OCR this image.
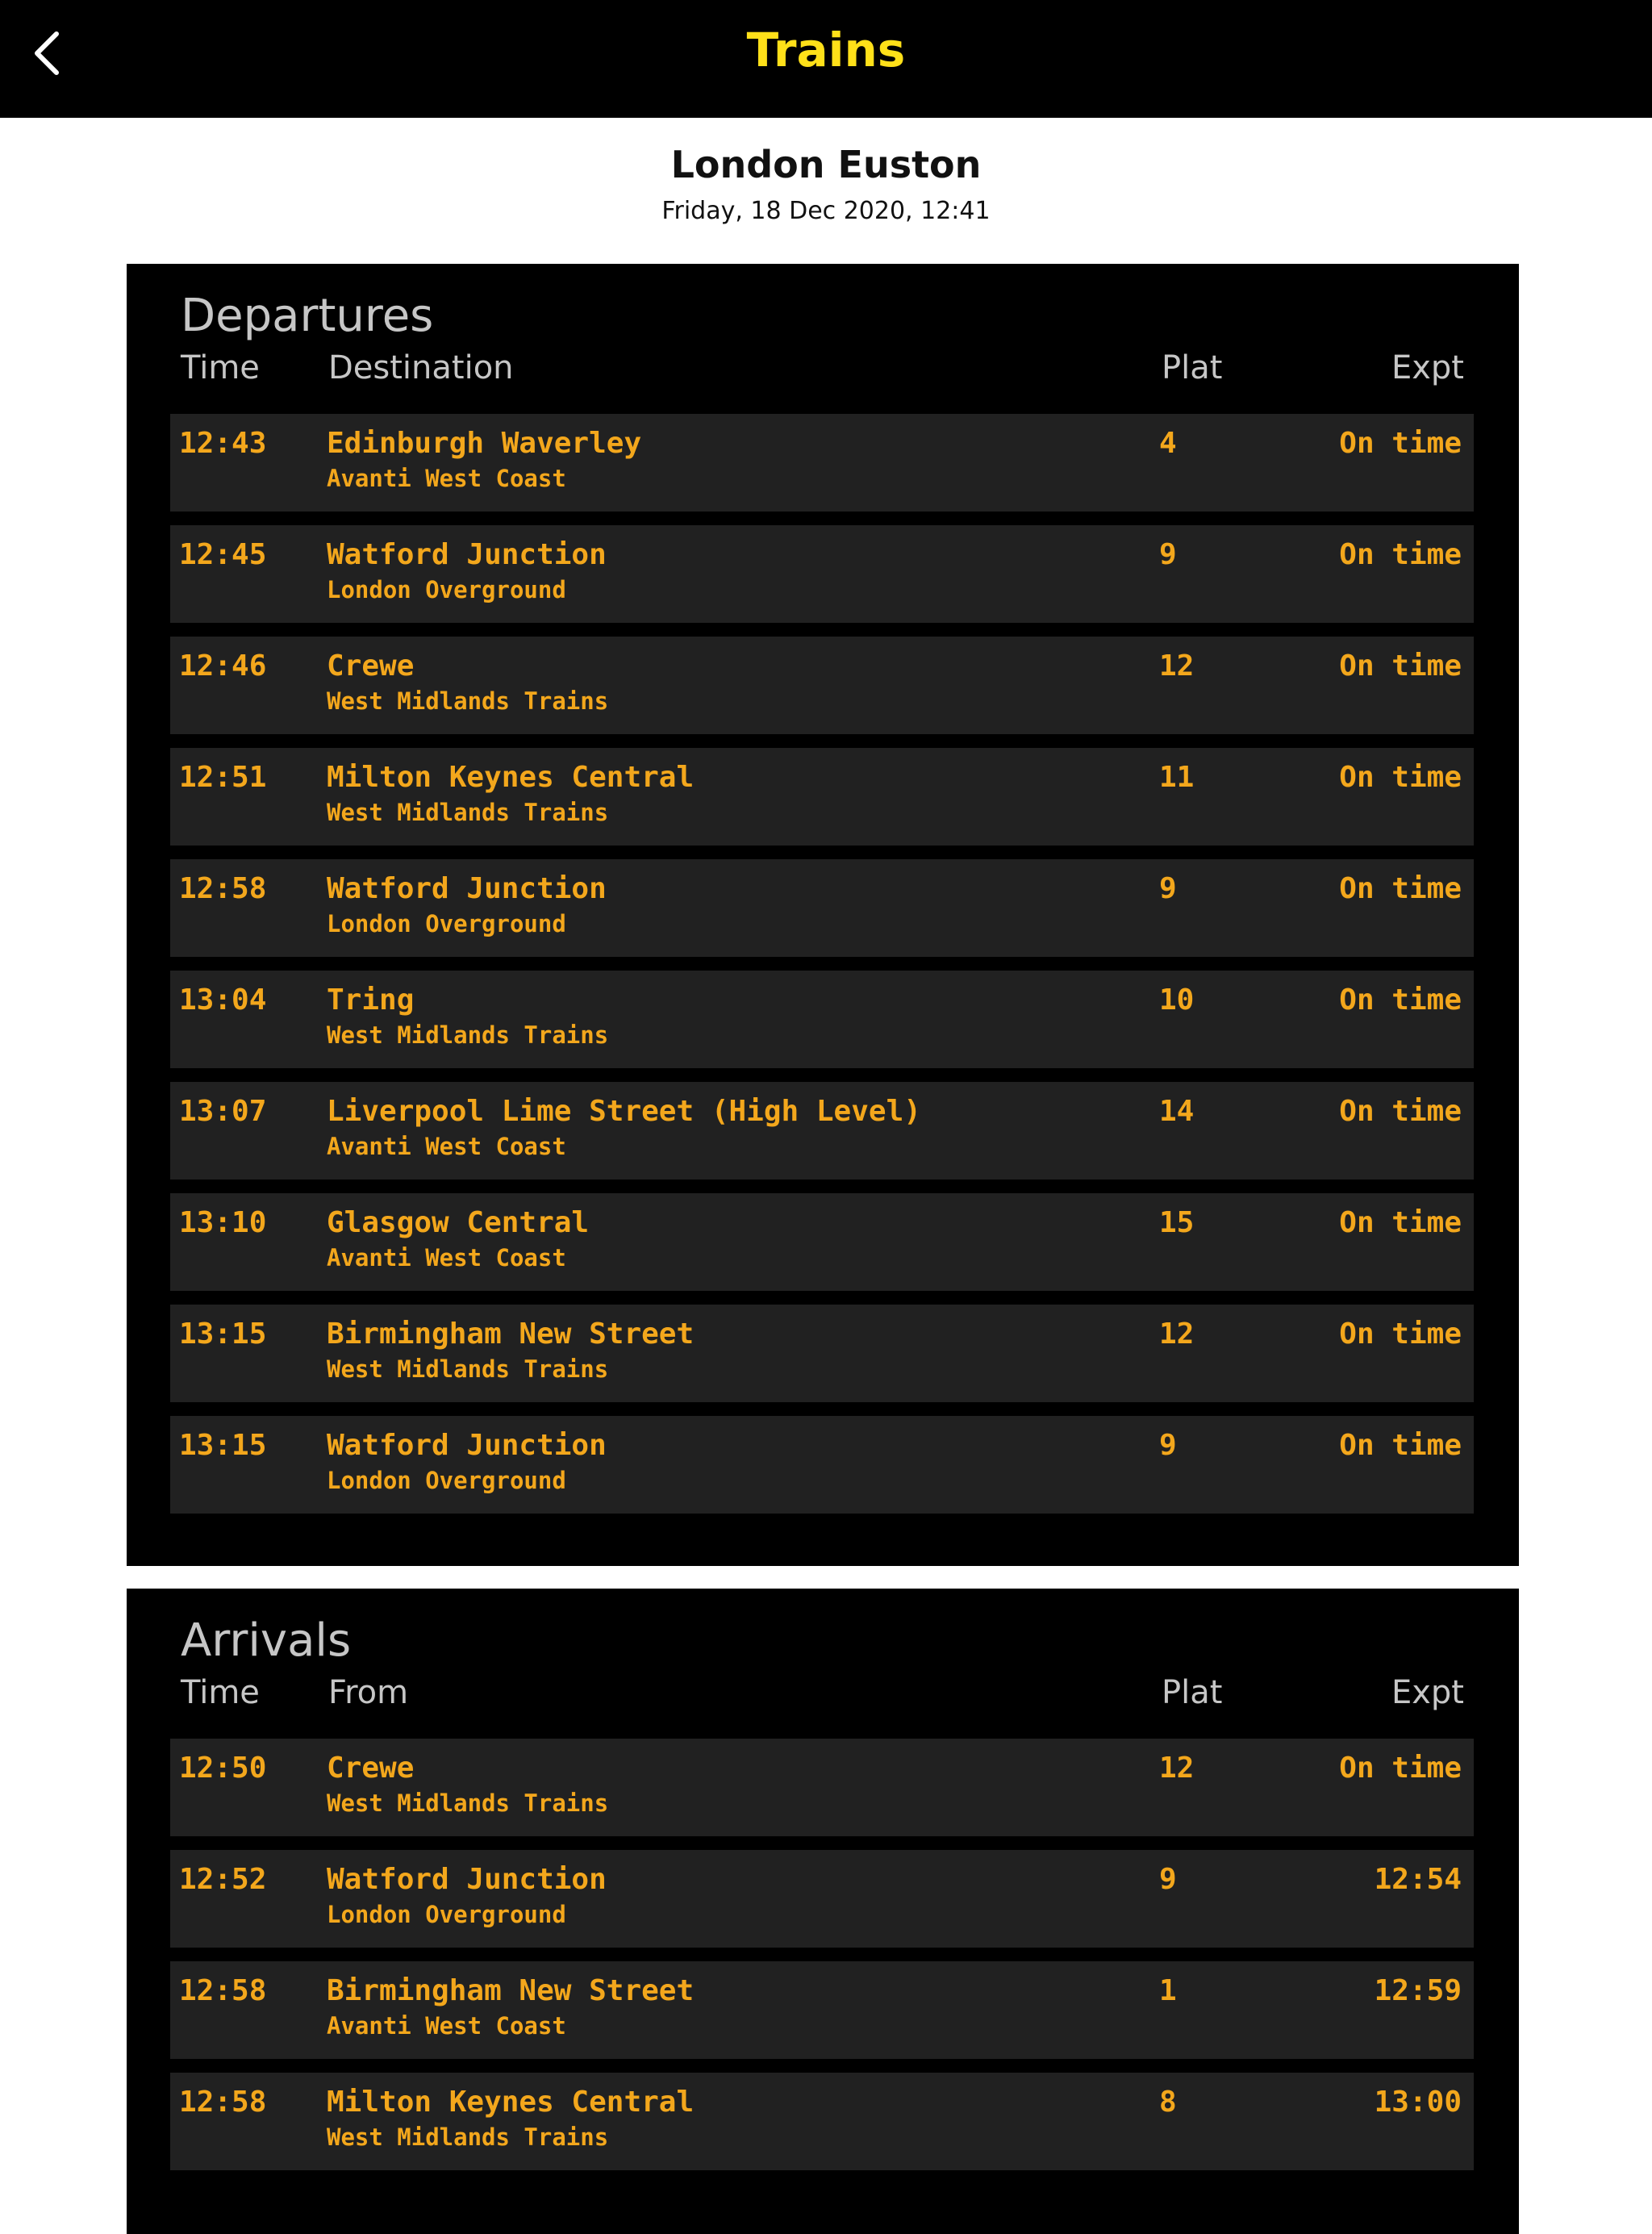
Trains
London Euston
Friday, 18 Dec 2020, 12:41
Departures
Time Destination	Plat	Expt
12:43 Edinburgh Waverley
Avanti West Coast
4	On time
12:45 Watford Junction
London Overground
9	On time
12:46 Crewe
West Midlands Trains
12	On time
12:51 Milton Keynes Central
West Midlands Trains
11	On time
12:58 Watford Junction
London Overground
9	On time
13:04 Tring
West Midlands Trains
10	On time
13:07 Liverpool Lime Street (High Level)
Avanti West Coast
14	On time
13:10 Glasgow Central
Avanti West Coast
15	On time
13:15 Birmingham New Street
West Midlands Trains
12	On time
13:15 Watford Junction
London Overground
9	On time
Arrivals
Time From	Plat	Expt
12:50 Crewe
West Midlands Trains
12	On time
12:52 Watford Junction
London Overground
9	12:54
12:58 Birmingham New Street
Avanti West Coast
1	12:59
12:58 Milton Keynes Central
West Midlands Trains
8	13:00
